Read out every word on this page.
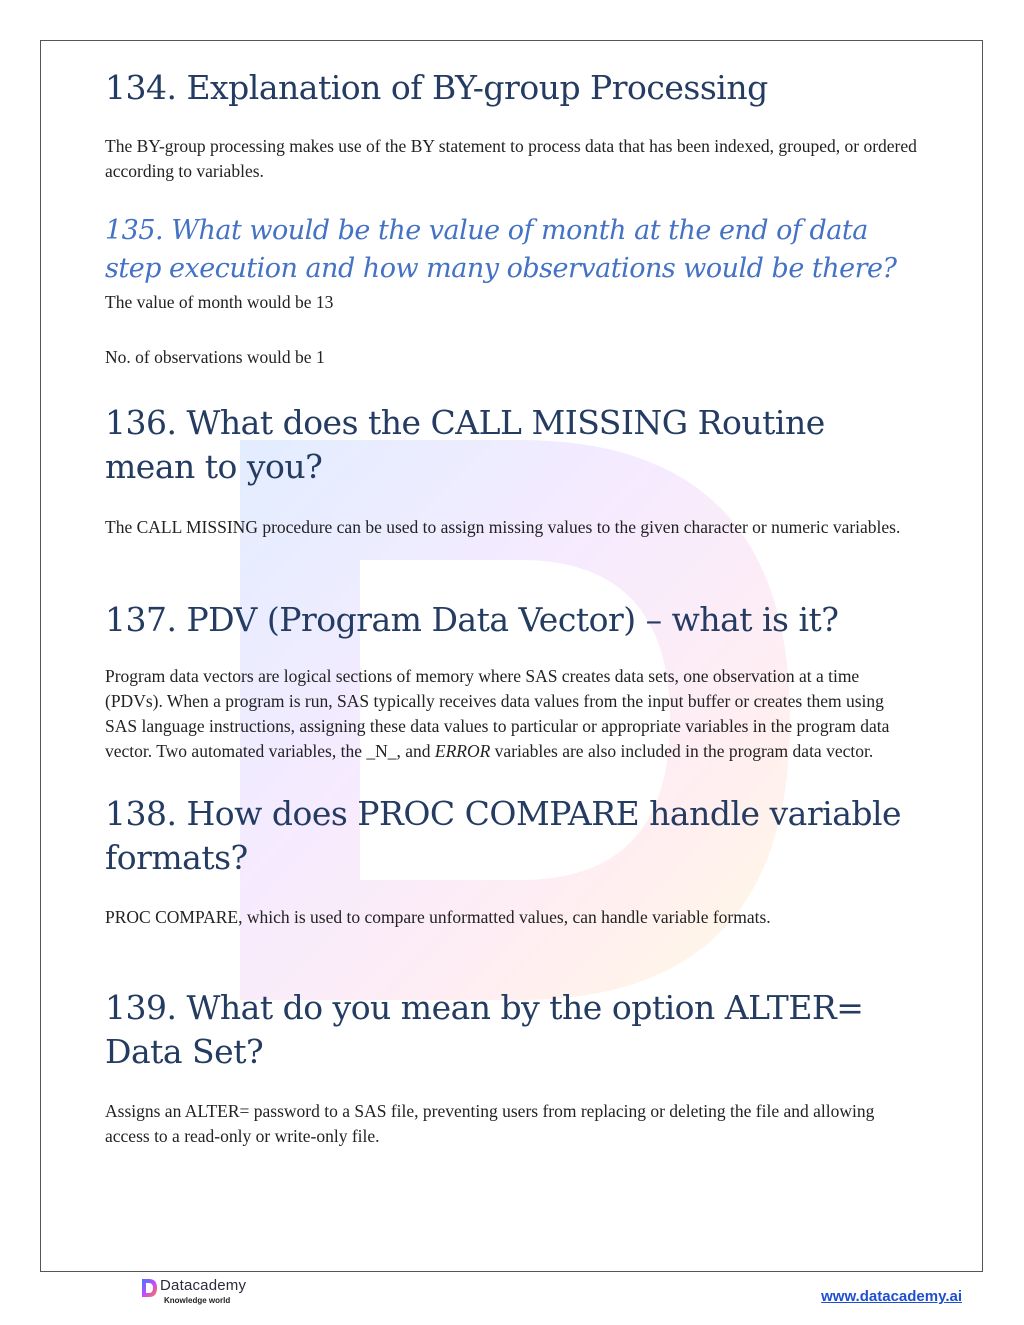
134. Explanation of BY-group Processing

The BY-group processing makes use of the BY statement to process data that has been indexed, grouped, or ordered according to variables.

135. What would be the value of month at the end of data step execution and how many observations would be there?

The value of month would be 13

No. of observations would be 1

136. What does the CALL MISSING Routine mean to you?

The CALL MISSING procedure can be used to assign missing values to the given character or numeric variables.

137. PDV (Program Data Vector) – what is it?

Program data vectors are logical sections of memory where SAS creates data sets, one observation at a time (PDVs). When a program is run, SAS typically receives data values from the input buffer or creates them using SAS language instructions, assigning these data values to particular or appropriate variables in the program data vector. Two automated variables, the _N_, and ERROR variables are also included in the program data vector.

138. How does PROC COMPARE handle variable formats?

PROC COMPARE, which is used to compare unformatted values, can handle variable formats.

139. What do you mean by the option ALTER= Data Set?

Assigns an ALTER= password to a SAS file, preventing users from replacing or deleting the file and allowing access to a read-only or write-only file.

Datacademy
Knowledge world	www.datacademy.ai
